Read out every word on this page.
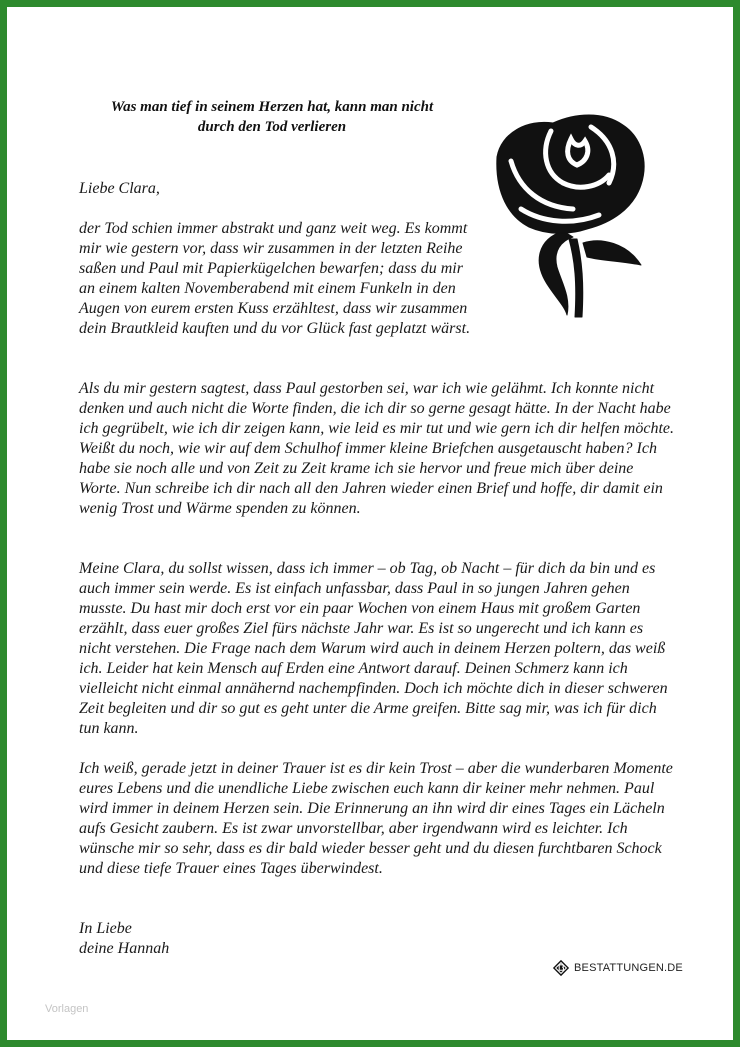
Was man tief in seinem Herzen hat, kann man nicht
durch den Tod verlieren

Liebe Clara,

der Tod schien immer abstrakt und ganz weit weg. Es kommt mir wie gestern vor, dass wir zusammen in der letzten Reihe saßen und Paul mit Papierkügelchen bewarfen; dass du mir an einem kalten Novemberabend mit einem Funkeln in den Augen von eurem ersten Kuss erzähltest, dass wir zusammen dein Brautkleid kauften und du vor Glück fast geplatzt wärst.

Als du mir gestern sagtest, dass Paul gestorben sei, war ich wie gelähmt. Ich konnte nicht denken und auch nicht die Worte finden, die ich dir so gerne gesagt hätte. In der Nacht habe ich gegrübelt, wie ich dir zeigen kann, wie leid es mir tut und wie gern ich dir helfen möchte. Weißt du noch, wie wir auf dem Schulhof immer kleine Briefchen ausgetauscht haben? Ich habe sie noch alle und von Zeit zu Zeit krame ich sie hervor und freue mich über deine Worte. Nun schreibe ich dir nach all den Jahren wieder einen Brief und hoffe, dir damit ein wenig Trost und Wärme spenden zu können.

Meine Clara, du sollst wissen, dass ich immer – ob Tag, ob Nacht – für dich da bin und es auch immer sein werde. Es ist einfach unfassbar, dass Paul in so jungen Jahren gehen musste. Du hast mir doch erst vor ein paar Wochen von einem Haus mit großem Garten erzählt, dass euer großes Ziel fürs nächste Jahr war. Es ist so ungerecht und ich kann es nicht verstehen. Die Frage nach dem Warum wird auch in deinem Herzen poltern, das weiß ich. Leider hat kein Mensch auf Erden eine Antwort darauf. Deinen Schmerz kann ich vielleicht nicht einmal annähernd nachempfinden. Doch ich möchte dich in dieser schweren Zeit begleiten und dir so gut es geht unter die Arme greifen. Bitte sag mir, was ich für dich tun kann.

Ich weiß, gerade jetzt in deiner Trauer ist es dir kein Trost – aber die wunderbaren Momente eures Lebens und die unendliche Liebe zwischen euch kann dir keiner mehr nehmen. Paul wird immer in deinem Herzen sein. Die Erinnerung an ihn wird dir eines Tages ein Lächeln aufs Gesicht zaubern. Es ist zwar unvorstellbar, aber irgendwann wird es leichter. Ich wünsche mir so sehr, dass es dir bald wieder besser geht und du diesen furchtbaren Schock und diese tiefe Trauer eines Tages überwindest.

In Liebe
deine Hannah
BESTATTUNGEN.DE
Vorlagen
